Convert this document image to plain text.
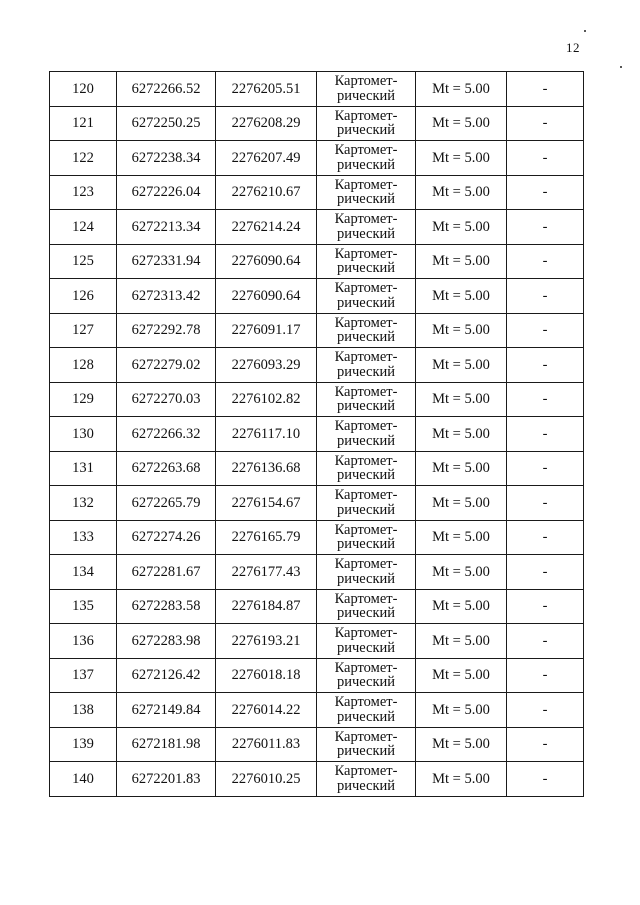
12
120	6272266.52	2276205.51	Картомет-
рический	Mt = 5.00	-
121	6272250.25	2276208.29	Картомет-
рический	Mt = 5.00	-
122	6272238.34	2276207.49	Картомет-
рический	Mt = 5.00	-
123	6272226.04	2276210.67	Картомет-
рический	Mt = 5.00	-
124	6272213.34	2276214.24	Картомет-
рический	Mt = 5.00	-
125	6272331.94	2276090.64	Картомет-
рический	Mt = 5.00	-
126	6272313.42	2276090.64	Картомет-
рический	Mt = 5.00	-
127	6272292.78	2276091.17	Картомет-
рический	Mt = 5.00	-
128	6272279.02	2276093.29	Картомет-
рический	Mt = 5.00	-
129	6272270.03	2276102.82	Картомет-
рический	Mt = 5.00	-
130	6272266.32	2276117.10	Картомет-
рический	Mt = 5.00	-
131	6272263.68	2276136.68	Картомет-
рический	Mt = 5.00	-
132	6272265.79	2276154.67	Картомет-
рический	Mt = 5.00	-
133	6272274.26	2276165.79	Картомет-
рический	Mt = 5.00	-
134	6272281.67	2276177.43	Картомет-
рический	Mt = 5.00	-
135	6272283.58	2276184.87	Картомет-
рический	Mt = 5.00	-
136	6272283.98	2276193.21	Картомет-
рический	Mt = 5.00	-
137	6272126.42	2276018.18	Картомет-
рический	Mt = 5.00	-
138	6272149.84	2276014.22	Картомет-
рический	Mt = 5.00	-
139	6272181.98	2276011.83	Картомет-
рический	Mt = 5.00	-
140	6272201.83	2276010.25	Картомет-
рический	Mt = 5.00	-
